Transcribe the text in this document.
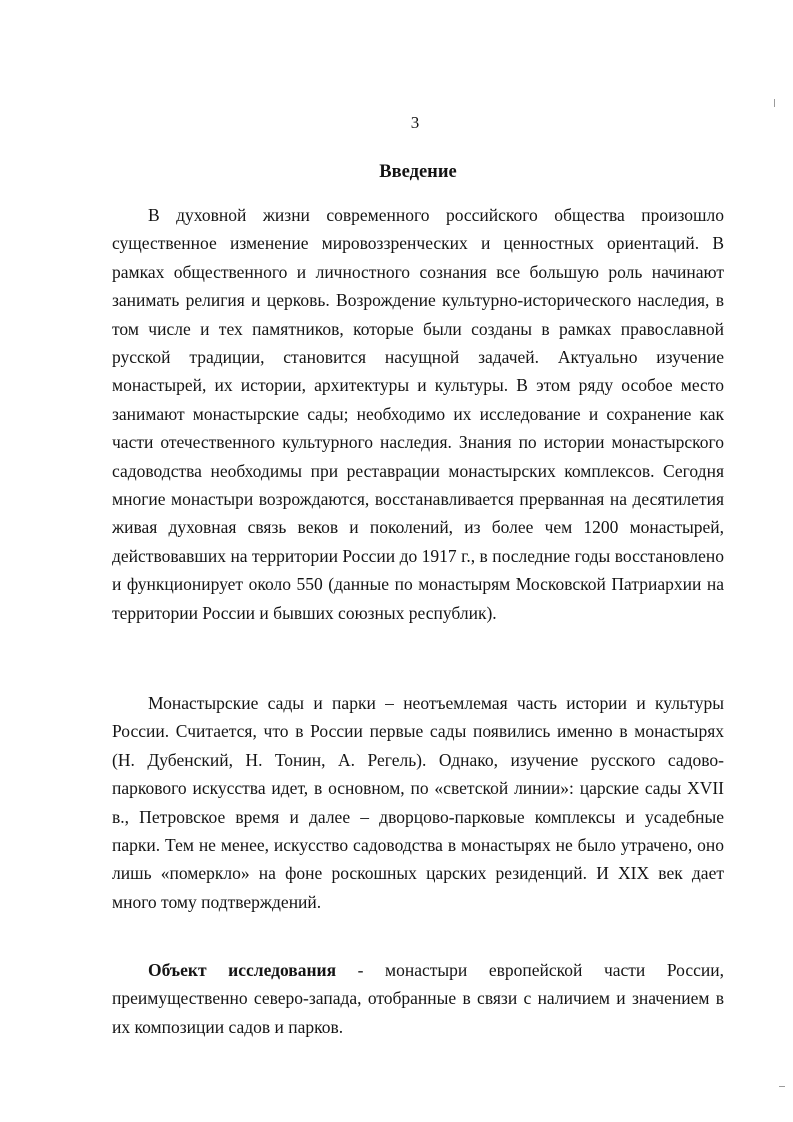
3
Введение

В духовной жизни современного российского общества произошло существенное изменение мировоззренческих и ценностных ориентаций. В рамках общественного и личностного сознания все большую роль начинают занимать религия и церковь. Возрождение культурно-исторического наследия, в том числе и тех памятников, которые были созданы в рамках православной русской традиции, становится насущной задачей. Актуально изучение монастырей, их истории, архитектуры и культуры. В этом ряду особое место занимают монастырские сады; необходимо их исследование и сохранение как части отечественного культурного наследия. Знания по истории монастырского садоводства необходимы при реставрации монастырских комплексов. Сегодня многие монастыри возрождаются, восстанавливается прерванная на десятилетия живая духовная связь веков и поколений, из более чем 1200 монастырей, действовавших на территории России до 1917 г., в последние годы восстановлено и функционирует около 550 (данные по монастырям Московской Патриархии на территории России и бывших союзных республик).

Монастырские сады и парки – неотъемлемая часть истории и культуры России. Считается, что в России первые сады появились именно в монастырях (Н. Дубенский, Н. Тонин, А. Регель). Однако, изучение русского садово-паркового искусства идет, в основном, по «светской линии»: царские сады XVII в., Петровское время и далее – дворцово-парковые комплексы и усадебные парки. Тем не менее, искусство садоводства в монастырях не было утрачено, оно лишь «померкло» на фоне роскошных царских резиденций. И XIX век дает много тому подтверждений.

Объект исследования - монастыри европейской части России, преимущественно северо-запада, отобранные в связи с наличием и значением в их композиции садов и парков.
